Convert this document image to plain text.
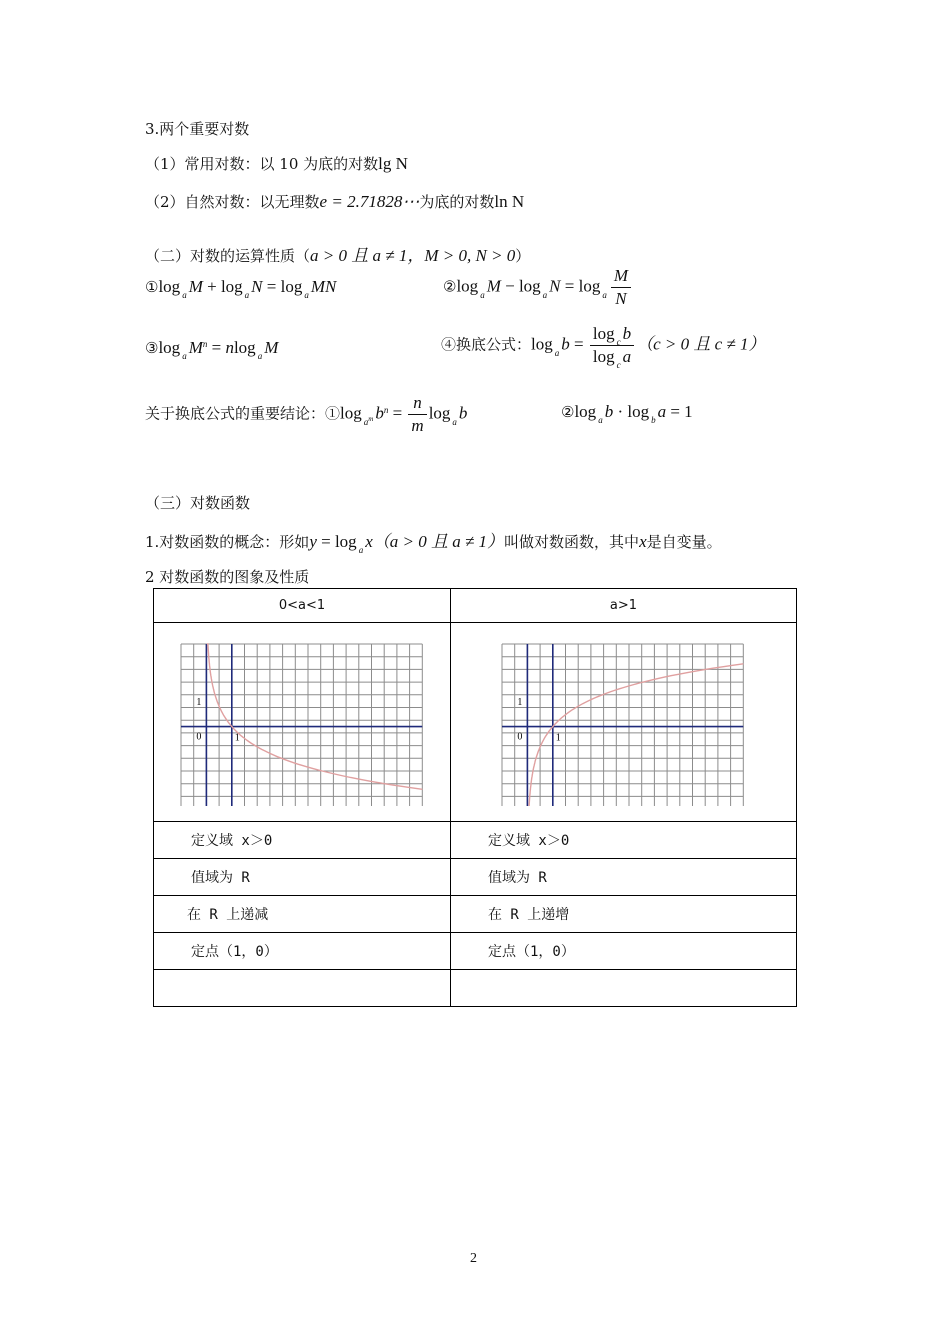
3.两个重要对数
（1）常用对数：以 10 为底的对数lg N
（2）自然对数：以无理数e = 2.71828⋯为底的对数ln N
（二）对数的运算性质（a > 0 且 a ≠ 1，M > 0, N > 0）
①log $_a$ M + log $_a$ N = log $_a$ MN	②log $_a$ M − log $_a$ $N = \log _a \frac{M}{N}$
③log $_a$ $M^n = nlog$ $_a$ M	④换底公式：log $_a$ $b = \frac{\log _c b}{\log _c a} (c > 0$ 且 c ≠ 1）
关于换底公式的重要结论：①log $_{a^m}$ $b^n = \frac{n}{m}$ log $_a$ b	②log $_a$ b · log $_b$ a = 1
（三）对数函数
1.对数函数的概念：形如y = log $_a$ x（a > 0 且 a ≠ 1）叫做对数函数，其中x是自变量。
2 对数函数的图象及性质
0<a<1	a>1

1
0 1	1
0 1

定义域 x＞0	定义域 x＞0
值域为 R	值域为 R
在 R 上递减	在 R 上递增
定点（1，0）	定点（1，0）

2
